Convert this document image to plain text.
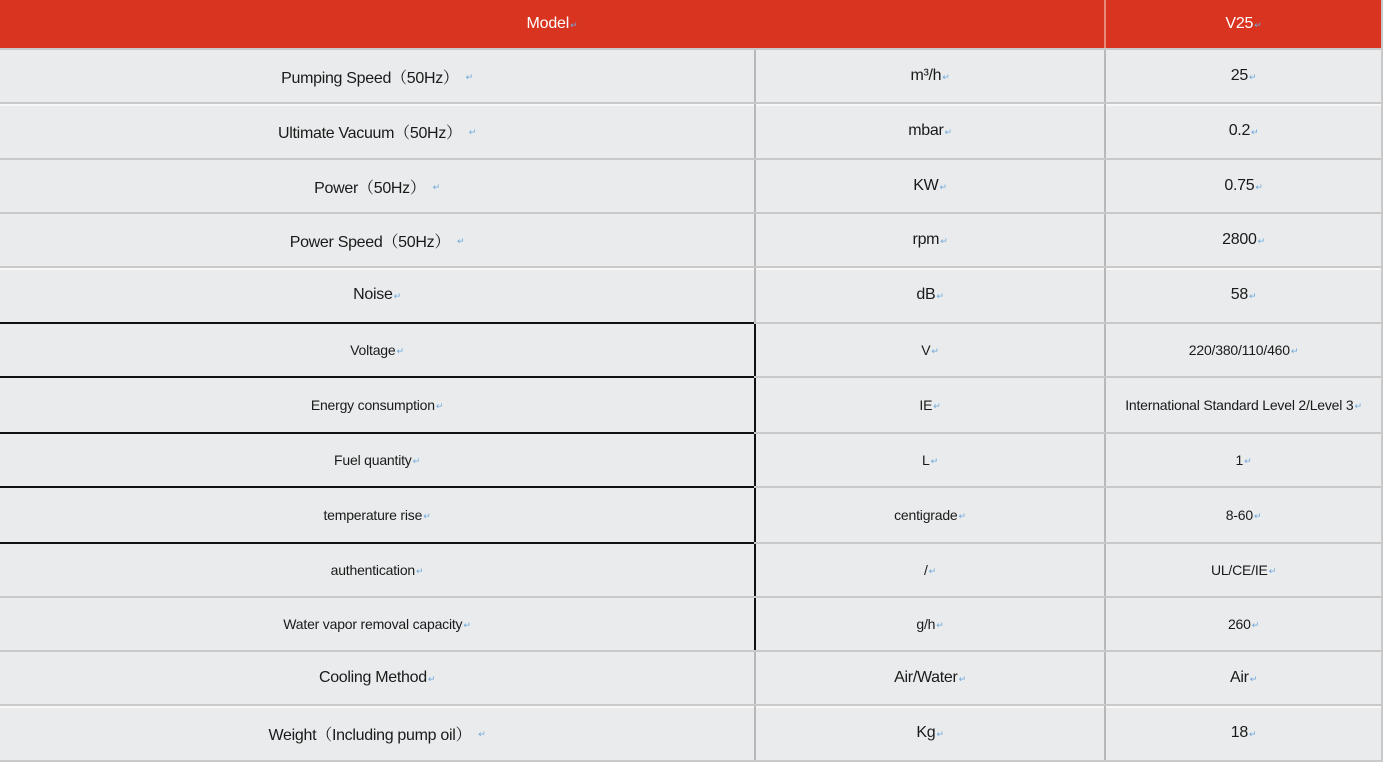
Model ↵	V25 ↵
Pumping Speed（50Hz） ↵	m³/h ↵	25 ↵
Ultimate Vacuum（50Hz） ↵	mbar ↵	0.2 ↵
Power（50Hz） ↵	KW ↵	0.75 ↵
Power Speed（50Hz） ↵	rpm ↵	2800 ↵
Noise ↵	dB ↵	58 ↵
Voltage ↵	V ↵	220/380/110/460 ↵
Energy consumption ↵	IE ↵	International Standard Level 2/Level 3 ↵
Fuel quantity ↵	L ↵	1 ↵
temperature rise ↵	centigrade ↵	8-60 ↵
authentication ↵	/ ↵	UL/CE/IE ↵
Water vapor removal capacity ↵	g/h ↵	260 ↵
Cooling Method ↵	Air/Water ↵	Air ↵
Weight（Including pump oil） ↵	Kg ↵	18 ↵
